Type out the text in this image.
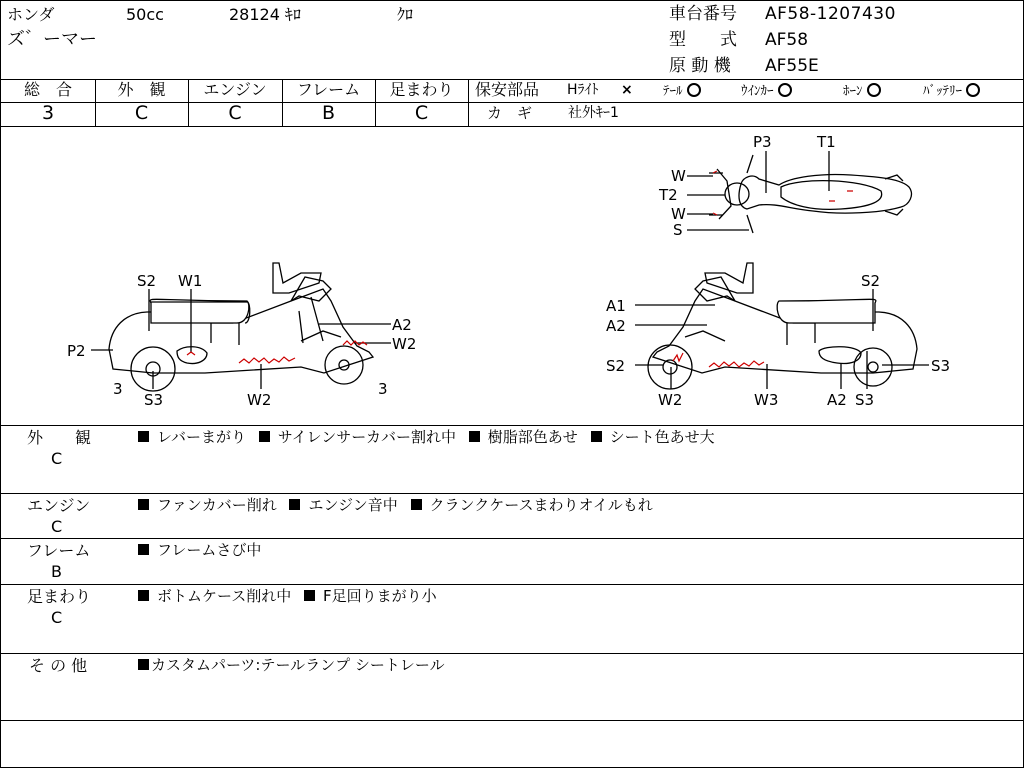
ホンダ	50cc	28124 ｷﾛ	ｸﾛ
ズ゛ーマー
車台番号 AF58-1207430
型　　式 AF58
原 動 機 AF55E
総　合	外　観	エンジン	フレーム	足まわり
3	C	C	B	C
保安部品 Hﾗｲﾄ × ﾃｰﾙ	ｳｲﾝｶｰ	ﾎｰﾝ	ﾊﾞｯﾃﾘｰ
カ　ギ	社外ｷｰ1
S2 W1
A2
W2
P2
3
S3	W2
3
P3	T1
W
T2
W
S
A1
A2
S2
S2	S3
W2	W3	A2 S3
外　　観
C
レバーまがり サイレンサーカバー割れ中 樹脂部色あせ シート色あせ大
エンジン
C
ファンカバー削れ エンジン音中 クランクケースまわりオイルもれ
フレーム
B
フレームさび中
足まわり
C
ボトムケース削れ中 F足回りまがり小
そ の 他	カスタムパーツ:テールランプ シートレール
